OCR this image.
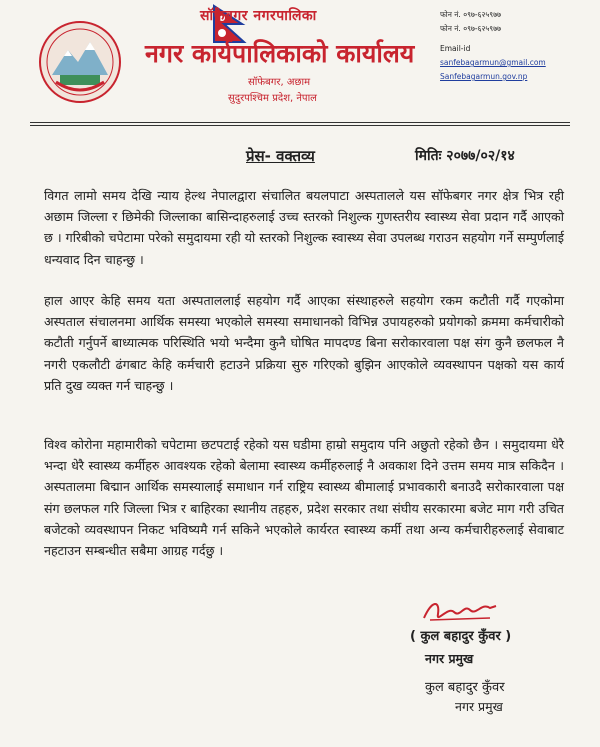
सॉफेबगर नगरपालिका
नगर कार्यपालिकाको कार्यालय
सॉफेबगर, अछाम
सुदुरपश्चिम प्रदेश, नेपाल
फोन नं. ०९७-६२५९७७
फोन नं. ०९७-६२५९७७
Email-id
sanfebagarmun@gmail.com
Sanfebagarmun.gov.np
प्रेस- वक्तव्य	मितिः २०७७/०२/१४
विगत लामो समय देखि न्याय हेल्थ नेपालद्वारा संचालित बयलपाटा अस्पतालले यस सॉफेबगर नगर क्षेत्र भित्र रही अछाम जिल्ला र छिमेकी जिल्लाका बासिन्दाहरुलाई उच्च स्तरको निशुल्क गुणस्तरीय स्वास्थ्य सेवा प्रदान गर्दै आएको छ । गरिबीको चपेटामा परेको समुदायमा रही यो स्तरको निशुल्क स्वास्थ्य सेवा उपलब्ध गराउन सहयोग गर्ने सम्पुर्णलाई धन्यवाद दिन चाहन्छु ।
हाल आएर केहि समय यता अस्पताललाई सहयोग गर्दै आएका संस्थाहरुले सहयोग रकम कटौती गर्दै गएकोमा अस्पताल संचालनमा आर्थिक समस्या भएकोले समस्या समाधानको विभिन्न उपायहरुको प्रयोगको क्रममा कर्मचारीको कटौती गर्नुपर्ने बाध्यात्मक परिस्थिति भयो भन्दैमा कुनै घोषित मापदण्ड बिना सरोकारवाला पक्ष संग कुनै छलफल नै नगरी एकलौटी ढंगबाट केहि कर्मचारी हटाउने प्रक्रिया सुरु गरिएको बुझिन आएकोले व्यवस्थापन पक्षको यस कार्य प्रति दुख व्यक्त गर्न चाहन्छु ।
विश्व कोरोना महामारीको चपेटामा छटपटाई रहेको यस घडीमा हाम्रो समुदाय पनि अछुतो रहेको छैन । समुदायमा धेरै भन्दा धेरै स्वास्थ्य कर्मीहरु आवश्यक रहेको बेलामा स्वास्थ्य कर्मीहरुलाई नै अवकाश दिने उत्तम समय मात्र सकिदैन । अस्पतालमा बिद्मान आर्थिक समस्यालाई समाधान गर्न राष्ट्रिय स्वास्थ्य बीमालाई प्रभावकारी बनाउदै सरोकारवाला पक्ष संग छलफल गरि जिल्ला भित्र र बाहिरका स्थानीय तहहरु, प्रदेश सरकार तथा संघीय सरकारमा बजेट माग गरी उचित बजेटको व्यवस्थापन निकट भविष्यमै गर्न सकिने भएकोले कार्यरत स्वास्थ्य कर्मी तथा अन्य कर्मचारीहरुलाई सेवाबाट नहटाउन सम्बन्धीत सबैमा आग्रह गर्दछु ।
( कुल बहादुर कुँवर )
नगर प्रमुख
कुल बहादुर कुँवर
नगर प्रमुख
